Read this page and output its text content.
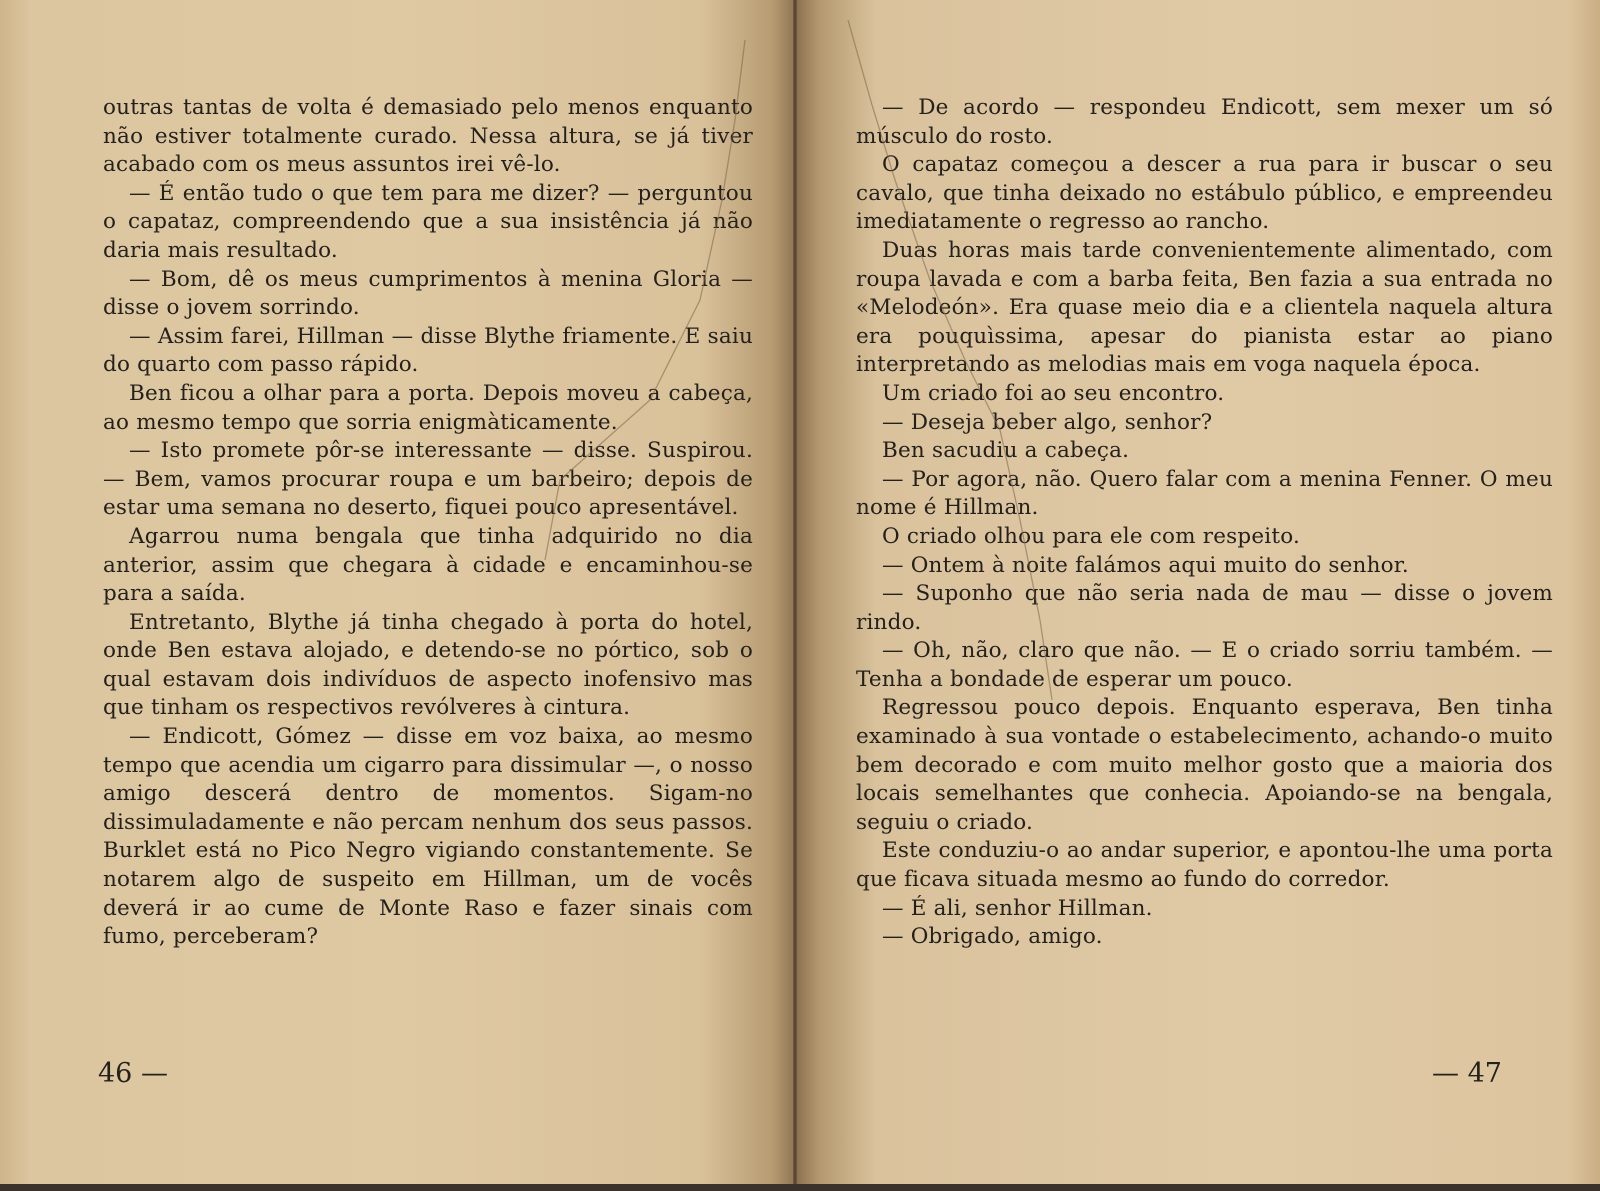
outras tantas de volta é demasiado pelo menos enquanto não estiver totalmente curado. Nessa altura, se já tiver acabado com os meus assuntos irei vê-lo.

— É então tudo o que tem para me dizer? — perguntou o capataz, compreendendo que a sua insistência já não daria mais resultado.

— Bom, dê os meus cumprimentos à menina Gloria — disse o jovem sorrindo.

— Assim farei, Hillman — disse Blythe friamente. E saiu do quarto com passo rápido.

Ben ficou a olhar para a porta. Depois moveu a cabeça, ao mesmo tempo que sorria enigmàticamente.

— Isto promete pôr-se interessante — disse. Suspirou. — Bem, vamos procurar roupa e um barbeiro; depois de estar uma semana no deserto, fiquei pouco apresentável.

Agarrou numa bengala que tinha adquirido no dia anterior, assim que chegara à cidade e encaminhou-se para a saída.

Entretanto, Blythe já tinha chegado à porta do hotel, onde Ben estava alojado, e detendo-se no pórtico, sob o qual estavam dois indivíduos de aspecto inofensivo mas que tinham os respectivos revólveres à cintura.

— Endicott, Gómez — disse em voz baixa, ao mesmo tempo que acendia um cigarro para dissimular —, o nosso amigo descerá dentro de momentos. Sigam-no dissimuladamente e não percam nenhum dos seus passos. Burklet está no Pico Negro vigiando constantemente. Se notarem algo de suspeito em Hillman, um de vocês deverá ir ao cume de Monte Raso e fazer sinais com fumo, perceberam?

46 —

— De acordo — respondeu Endicott, sem mexer um só músculo do rosto.

O capataz começou a descer a rua para ir buscar o seu cavalo, que tinha deixado no estábulo público, e empreendeu imediatamente o regresso ao rancho.

Duas horas mais tarde convenientemente alimentado, com roupa lavada e com a barba feita, Ben fazia a sua entrada no «Melodeón». Era quase meio dia e a clientela naquela altura era pouquìssima, apesar do pianista estar ao piano interpretando as melodias mais em voga naquela época.

Um criado foi ao seu encontro.

— Deseja beber algo, senhor?

Ben sacudiu a cabeça.

— Por agora, não. Quero falar com a menina Fenner. O meu nome é Hillman.

O criado olhou para ele com respeito.

— Ontem à noite falámos aqui muito do senhor.

— Suponho que não seria nada de mau — disse o jovem rindo.

— Oh, não, claro que não. — E o criado sorriu também. — Tenha a bondade de esperar um pouco.

Regressou pouco depois. Enquanto esperava, Ben tinha examinado à sua vontade o estabelecimento, achando-o muito bem decorado e com muito melhor gosto que a maioria dos locais semelhantes que conhecia. Apoiando-se na bengala, seguiu o criado.

Este conduziu-o ao andar superior, e apontou-lhe uma porta que ficava situada mesmo ao fundo do corredor.

— É ali, senhor Hillman.

— Obrigado, amigo.

— 47
